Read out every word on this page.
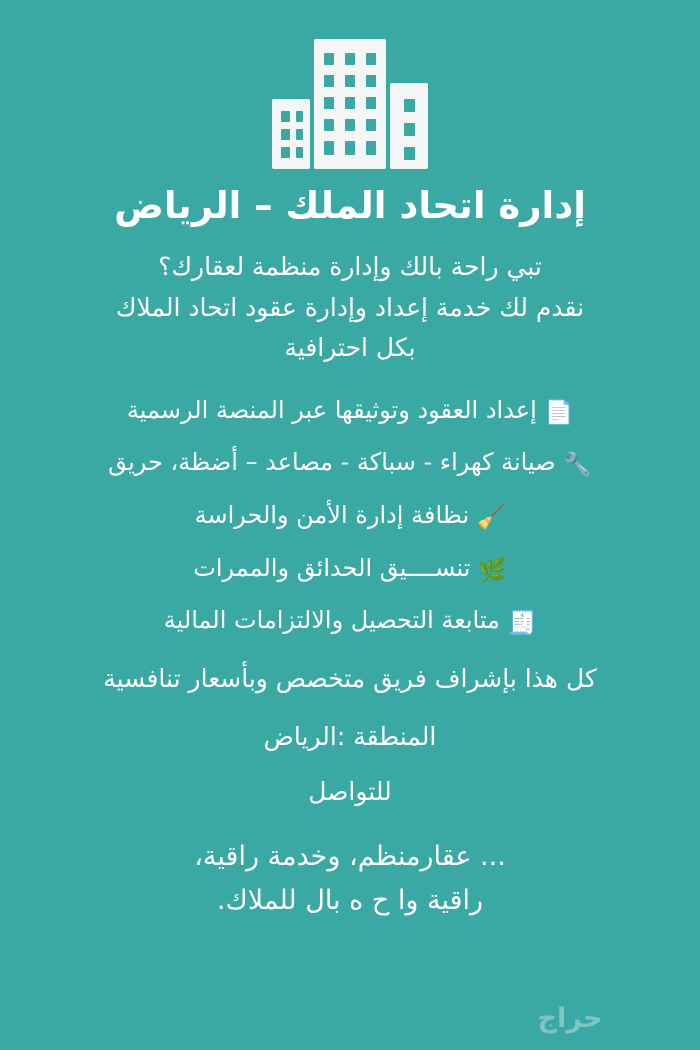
إدارة اتحاد الملك – الرياض

تبي راحة بالك وإدارة منظمة لعقارك؟

نقدم لك خدمة إعداد وإدارة عقود اتحاد الملاك

بكل احترافية

📄 إعداد العقود وتوثيقها عبر المنصة الرسمية
🔧 صيانة كهراء - سباكة - مصاعد – أضظة، حريق
🧹 نظافة إدارة الأمن والحراسة
🌿 تنســــيق الحدائق والممرات
🧾 متابعة التحصيل والالتزامات المالية

كل هذا بإشراف فريق متخصص وبأسعار تنافسية

المنطقة :الرياض

للتواصل

... عقارمنظم، وخدمة راقية،

راقية وا ح ه بال للملاك.

حراج
